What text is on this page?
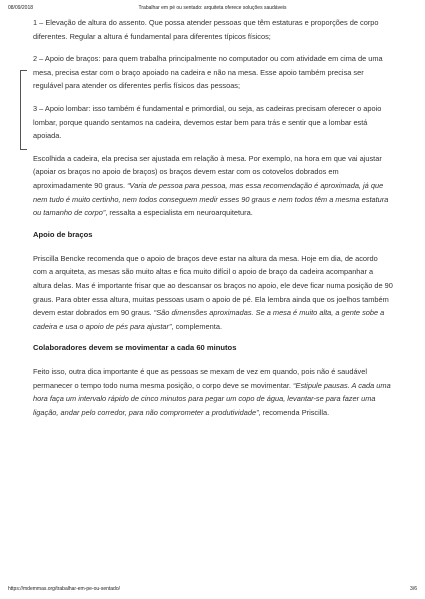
08/09/2018	Trabalhar em pé ou sentado: arquiteta oferece soluções saudáveis

1 – Elevação de altura do assento. Que possa atender pessoas que têm estaturas e proporções de corpo diferentes. Regular a altura é fundamental para diferentes típicos físicos;

2 – Apoio de braços: para quem trabalha principalmente no computador ou com atividade em cima de uma mesa, precisa estar com o braço apoiado na cadeira e não na mesa. Esse apoio também precisa ser regulável para atender os diferentes perfis físicos das pessoas;

3 – Apoio lombar: isso também é fundamental e primordial, ou seja, as cadeiras precisam oferecer o apoio lombar, porque quando sentamos na cadeira, devemos estar bem para trás e sentir que a lombar está apoiada.

Escolhida a cadeira, ela precisa ser ajustada em relação à mesa. Por exemplo, na hora em que vai ajustar (apoiar os braços no apoio de braços) os braços devem estar com os cotovelos dobrados em aproximadamente 90 graus. “Varia de pessoa para pessoa, mas essa recomendação é aproximada, já que nem tudo é muito certinho, nem todos conseguem medir esses 90 graus e nem todos têm a mesma estatura ou tamanho de corpo”, ressalta a especialista em neuroarquitetura.

Apoio de braços

Priscilla Bencke recomenda que o apoio de braços deve estar na altura da mesa. Hoje em dia, de acordo com a arquiteta, as mesas são muito altas e fica muito difícil o apoio de braço da cadeira acompanhar a altura delas. Mas é importante frisar que ao descansar os braços no apoio, ele deve ficar numa posição de 90 graus. Para obter essa altura, muitas pessoas usam o apoio de pé. Ela lembra ainda que os joelhos também devem estar dobrados em 90 graus. “São dimensões aproximadas. Se a mesa é muito alta, a gente sobe a cadeira e usa o apoio de pés para ajustar”, complementa.

Colaboradores devem se movimentar a cada 60 minutos

Feito isso, outra dica importante é que as pessoas se mexam de vez em quando, pois não é saudável permanecer o tempo todo numa mesma posição, o corpo deve se movimentar. “Estipule pausas. A cada uma hora faça um intervalo rápido de cinco minutos para pegar um copo de água, levantar-se para fazer uma ligação, andar pelo corredor, para não comprometer a produtividade”, recomenda Priscilla.

https://mdemmas.org/trabalhar-em-pe-ou-sentado/	3/6
